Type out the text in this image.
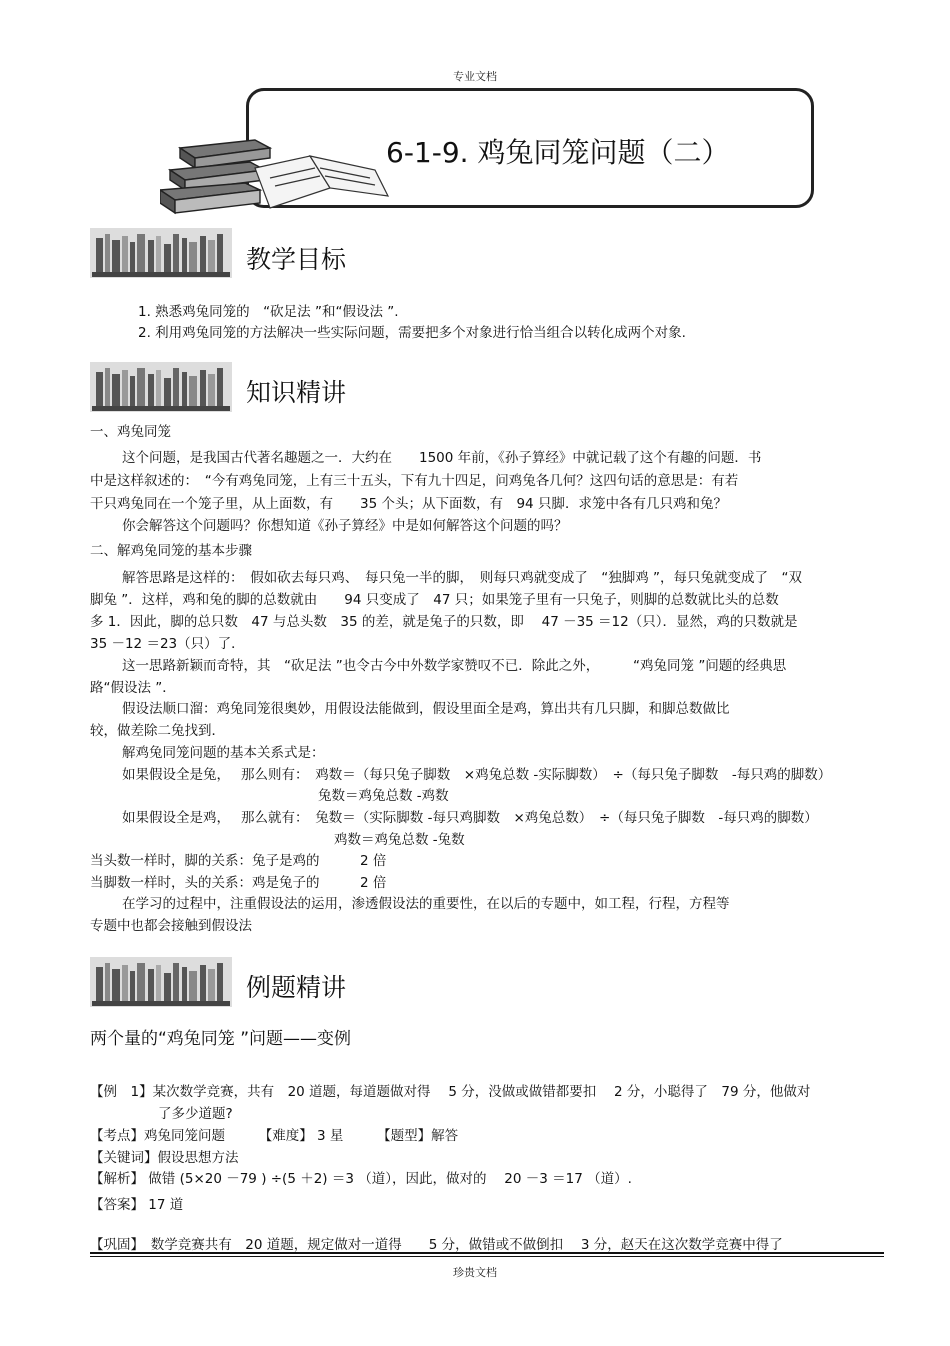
专业文档
6-1-9. 鸡兔同笼问题（二）
教学目标
1. 熟悉鸡兔同笼的　“砍足法 ”和“假设法 ”.
2. 利用鸡兔同笼的方法解决一些实际问题，需要把多个对象进行恰当组合以转化成两个对象.
知识精讲
一、鸡兔同笼
这个问题，是我国古代著名趣题之一．大约在　　1500 年前，《孙子算经》中就记载了这个有趣的问题．书
中是这样叙述的：　“今有鸡兔同笼，上有三十五头，下有九十四足，问鸡兔各几何？这四句话的意思是：有若
干只鸡兔同在一个笼子里，从上面数，有　　35 个头；从下面数，有　94 只脚．求笼中各有几只鸡和兔？
你会解答这个问题吗？你想知道《孙子算经》中是如何解答这个问题的吗？
二、解鸡兔同笼的基本步骤
解答思路是这样的：　假如砍去每只鸡、　每只兔一半的脚，　则每只鸡就变成了　“独脚鸡 ”，每只兔就变成了　“双
脚兔 ”．这样，鸡和兔的脚的总数就由　　94 只变成了　47 只；如果笼子里有一只兔子，则脚的总数就比头的总数
多 1．因此，脚的总只数　47 与总头数　35 的差，就是兔子的只数，即　 47 －35 ＝12（只）．显然，鸡的只数就是
35 －12 ＝23（只）了．
这一思路新颖而奇特，其　“砍足法 ”也令古今中外数学家赞叹不已．除此之外，　　　“鸡兔同笼 ”问题的经典思
路“假设法 ”．
假设法顺口溜：鸡兔同笼很奥妙，用假设法能做到，假设里面全是鸡，算出共有几只脚，和脚总数做比
较，做差除二兔找到．
解鸡兔同笼问题的基本关系式是：
如果假设全是兔，　 那么则有：　鸡数＝（每只兔子脚数　×鸡兔总数 -实际脚数）　÷（每只兔子脚数　-每只鸡的脚数）
兔数＝鸡兔总数 -鸡数
如果假设全是鸡，　 那么就有：　兔数＝（实际脚数 -每只鸡脚数　×鸡兔总数）　÷（每只兔子脚数　-每只鸡的脚数）
鸡数＝鸡兔总数 -兔数
当头数一样时，脚的关系：兔子是鸡的　　　2 倍
当脚数一样时，头的关系：鸡是兔子的　　　2 倍
在学习的过程中，注重假设法的运用，渗透假设法的重要性，在以后的专题中，如工程，行程，方程等
专题中也都会接触到假设法
例题精讲
两个量的“鸡兔同笼 ”问题——变例
【例　1】某次数学竞赛，共有　20 道题，每道题做对得　 5 分，没做或做错都要扣　 2 分，小聪得了　79 分，他做对
了多少道题?
【考点】鸡兔同笼问题　　　【难度】 3 星　　　【题型】解答
【关键词】假设思想方法
【解析】 做错 (5×20 －79 ) ÷(5 ＋2) ＝3 （道），因此，做对的　 20 －3 ＝17 （道）.
【答案】 17 道
【巩固】　数学竞赛共有　20 道题，规定做对一道得　　5 分，做错或不做倒扣　 3 分，赵天在这次数学竞赛中得了
珍贵文档
